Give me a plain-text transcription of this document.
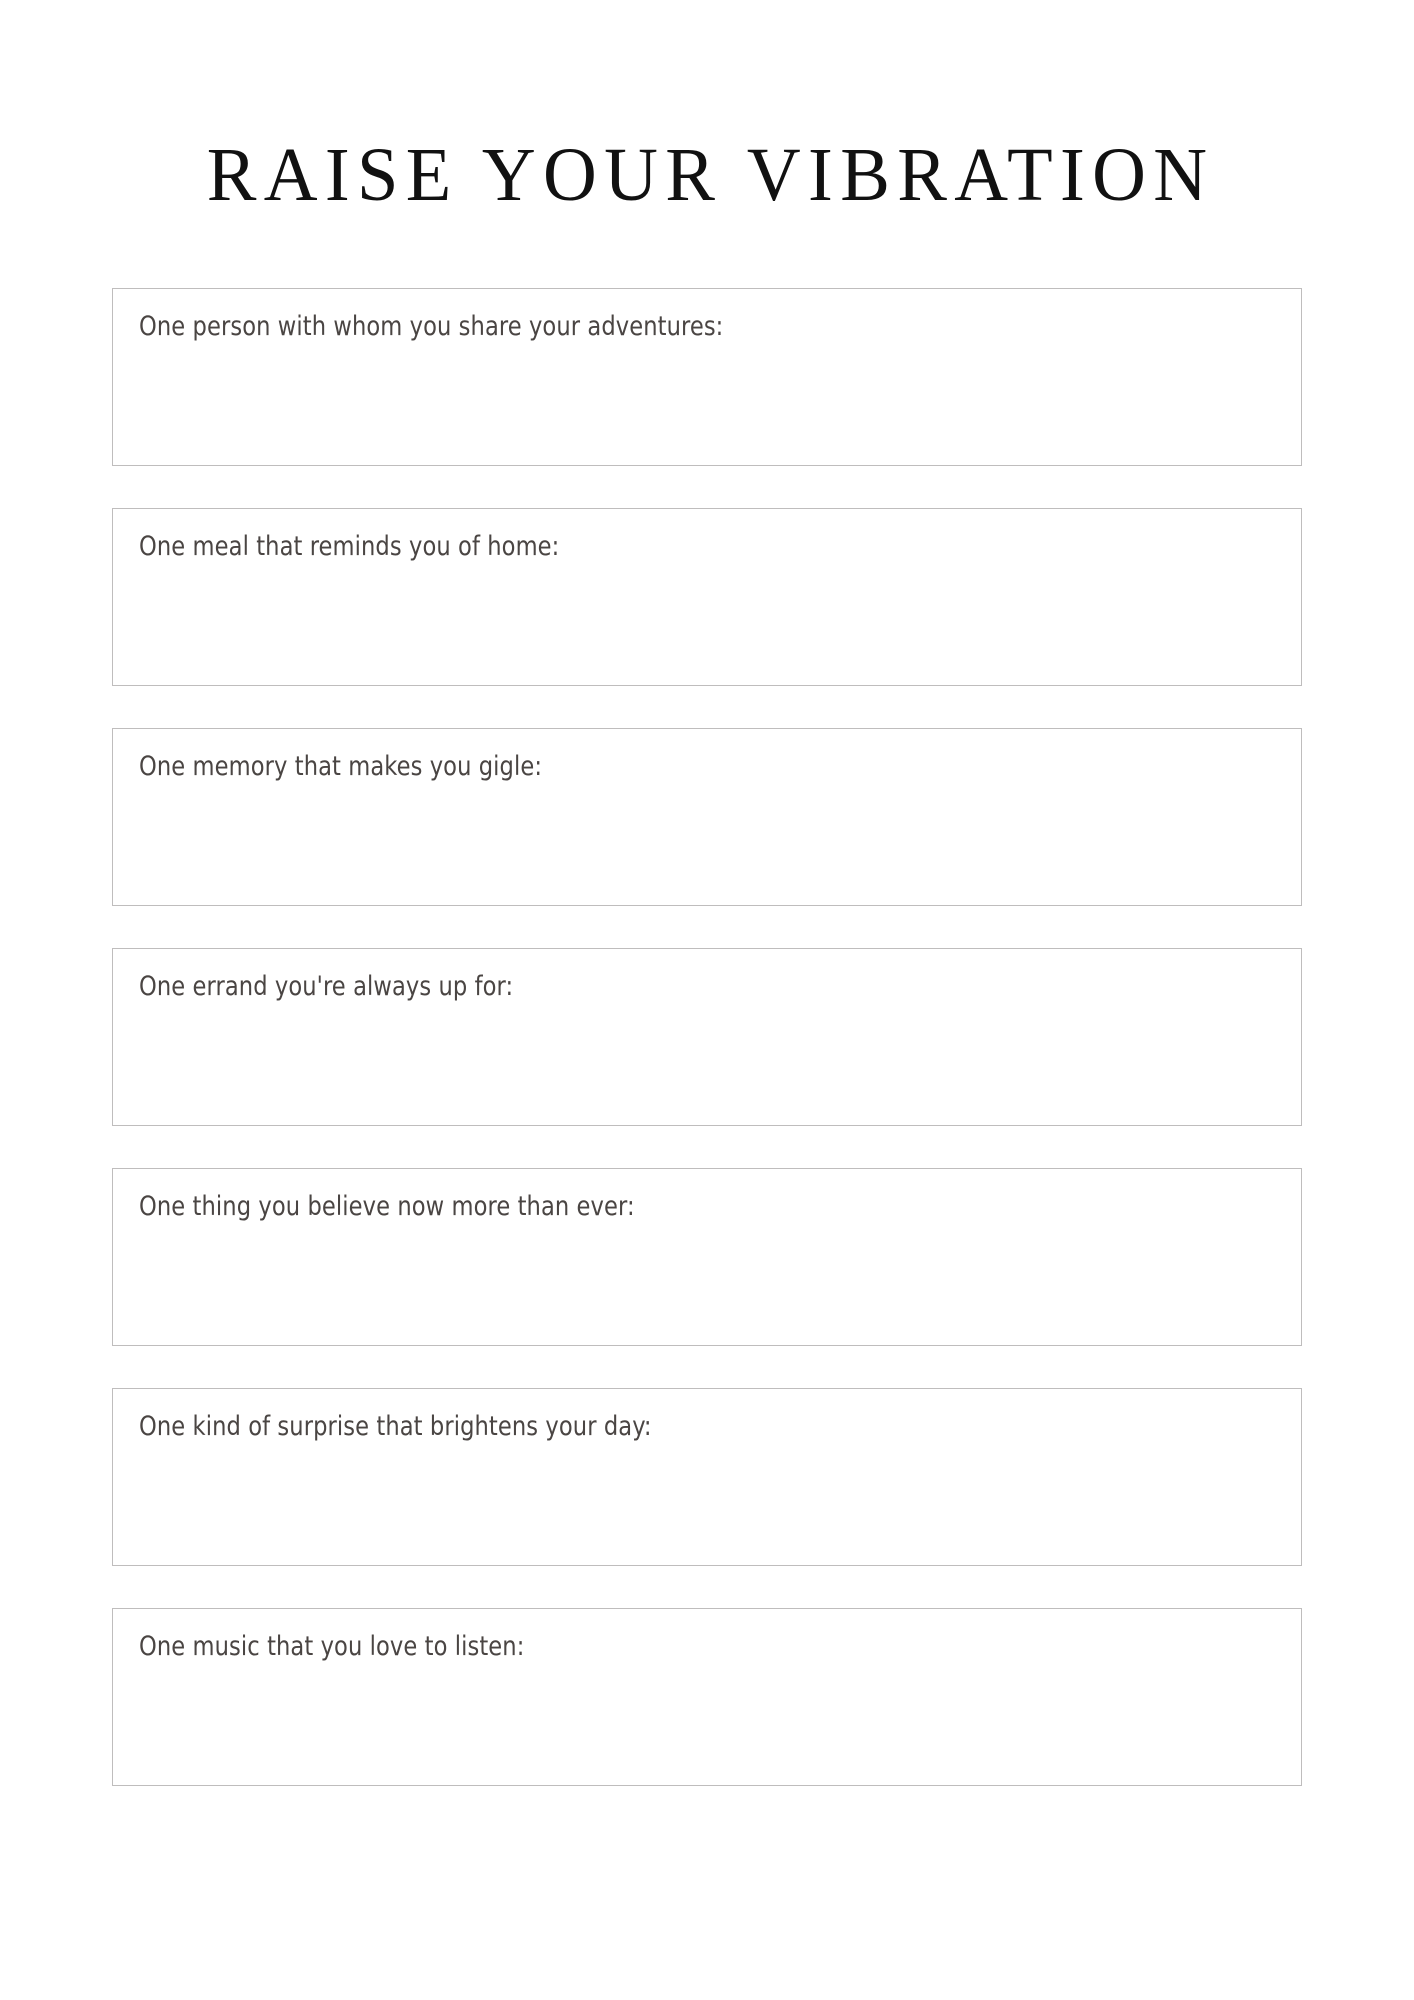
RAISE YOUR VIBRATION
One person with whom you share your adventures:
One meal that reminds you of home:
One memory that makes you gigle:
One errand you're always up for:
One thing you believe now more than ever:
One kind of surprise that brightens your day:
One music that you love to listen:
